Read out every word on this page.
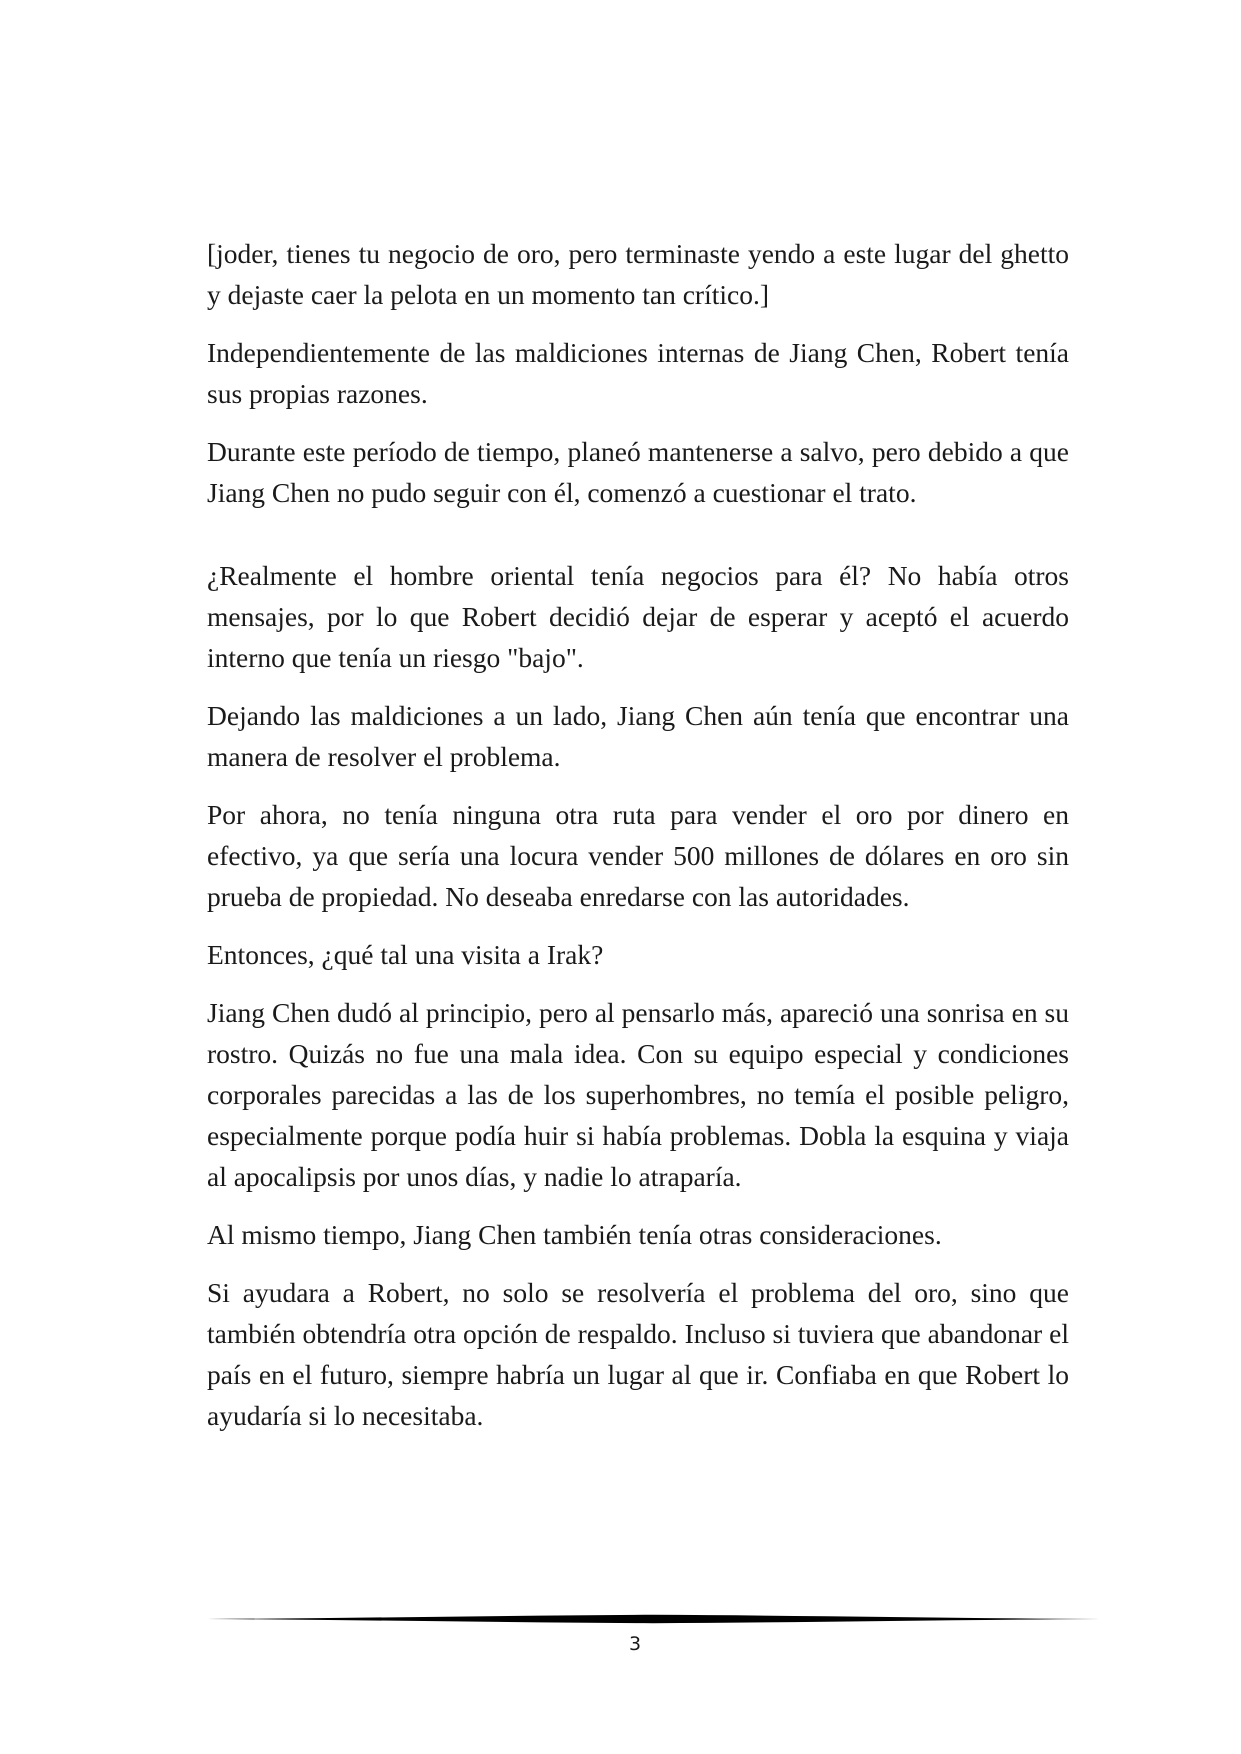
[joder, tienes tu negocio de oro, pero terminaste yendo a este lugar del ghetto y dejaste caer la pelota en un momento tan crítico.]

Independientemente de las maldiciones internas de Jiang Chen, Robert tenía sus propias razones.

Durante este período de tiempo, planeó mantenerse a salvo, pero debido a que Jiang Chen no pudo seguir con él, comenzó a cuestionar el trato.

¿Realmente el hombre oriental tenía negocios para él? No había otros mensajes, por lo que Robert decidió dejar de esperar y aceptó el acuerdo interno que tenía un riesgo "bajo".

Dejando las maldiciones a un lado, Jiang Chen aún tenía que encontrar una manera de resolver el problema.

Por ahora, no tenía ninguna otra ruta para vender el oro por dinero en efectivo, ya que sería una locura vender 500 millones de dólares en oro sin prueba de propiedad. No deseaba enredarse con las autoridades.

Entonces, ¿qué tal una visita a Irak?

Jiang Chen dudó al principio, pero al pensarlo más, apareció una sonrisa en su rostro. Quizás no fue una mala idea. Con su equipo especial y condiciones corporales parecidas a las de los superhombres, no temía el posible peligro, especialmente porque podía huir si había problemas. Dobla la esquina y viaja al apocalipsis por unos días, y nadie lo atraparía.

Al mismo tiempo, Jiang Chen también tenía otras consideraciones.

Si ayudara a Robert, no solo se resolvería el problema del oro, sino que también obtendría otra opción de respaldo. Incluso si tuviera que abandonar el país en el futuro, siempre habría un lugar al que ir. Confiaba en que Robert lo ayudaría si lo necesitaba.

3
